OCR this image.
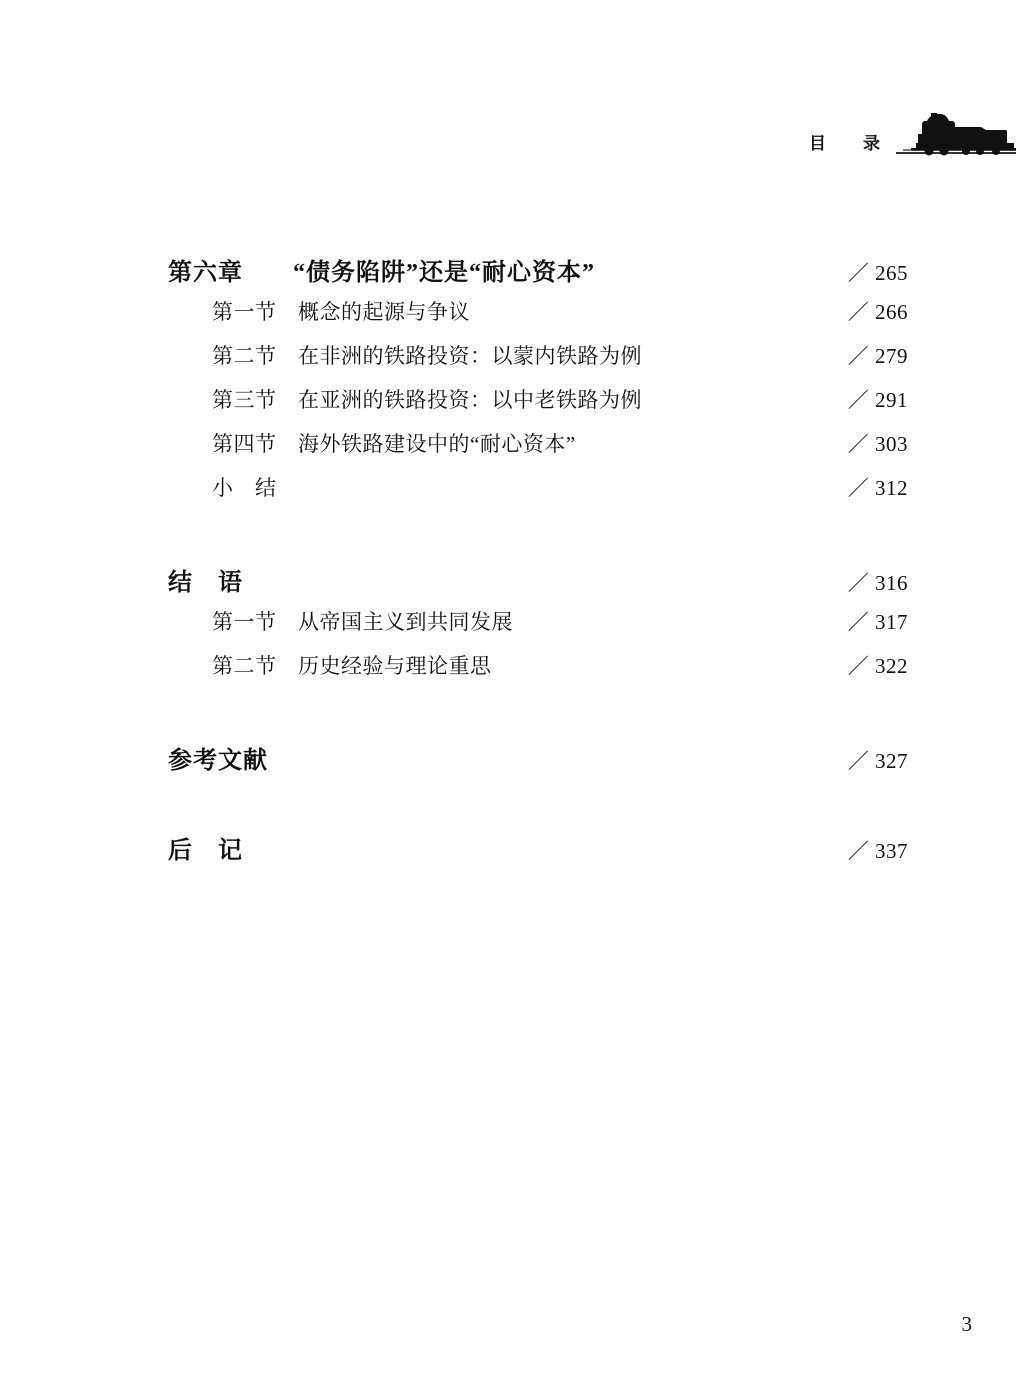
目　录
第六章　　“债务陷阱”还是“耐心资本”	／ 265
第一节　概念的起源与争议	／ 266
第二节　在非洲的铁路投资：以蒙内铁路为例	／ 279
第三节　在亚洲的铁路投资：以中老铁路为例	／ 291
第四节　海外铁路建设中的“耐心资本”	／ 303
小　结	／ 312
结　语	／ 316
第一节　从帝国主义到共同发展	／ 317
第二节　历史经验与理论重思	／ 322
参考文献	／ 327
后　记	／ 337
3
